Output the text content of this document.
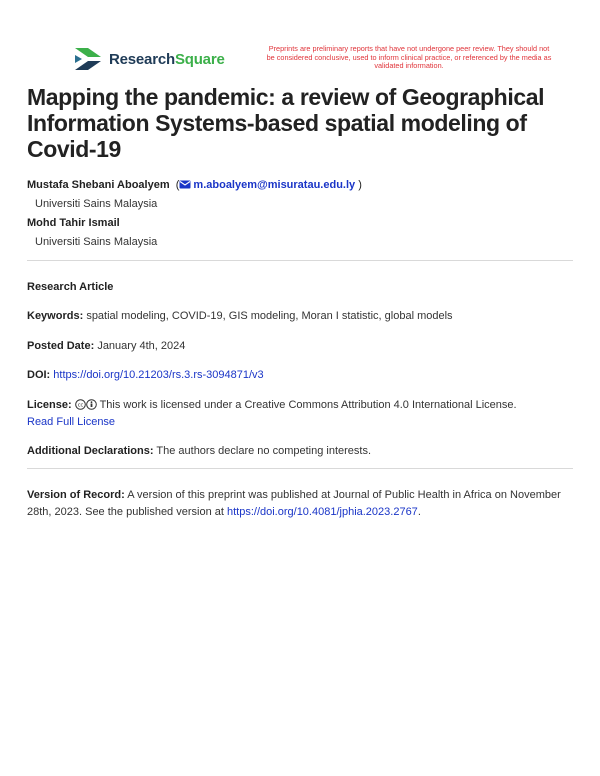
ResearchSquare
Preprints are preliminary reports that have not undergone peer review. They should not be considered conclusive, used to inform clinical practice, or referenced by the media as validated information.
Mapping the pandemic: a review of Geographical Information Systems-based spatial modeling of Covid-19
Mustafa Shebani Aboalyem  ( m.aboalyem@misuratau.edu.ly )
Universiti Sains Malaysia
Mohd Tahir Ismail
Universiti Sains Malaysia
Research Article
Keywords: spatial modeling, COVID-19, GIS modeling, Moran I statistic, global models
Posted Date: January 4th, 2024
DOI: https://doi.org/10.21203/rs.3.rs-3094871/v3
License: cc This work is licensed under a Creative Commons Attribution 4.0 International License.
Read Full License
Additional Declarations: The authors declare no competing interests.
Version of Record: A version of this preprint was published at Journal of Public Health in Africa on November 28th, 2023. See the published version at https://doi.org/10.4081/jphia.2023.2767.
